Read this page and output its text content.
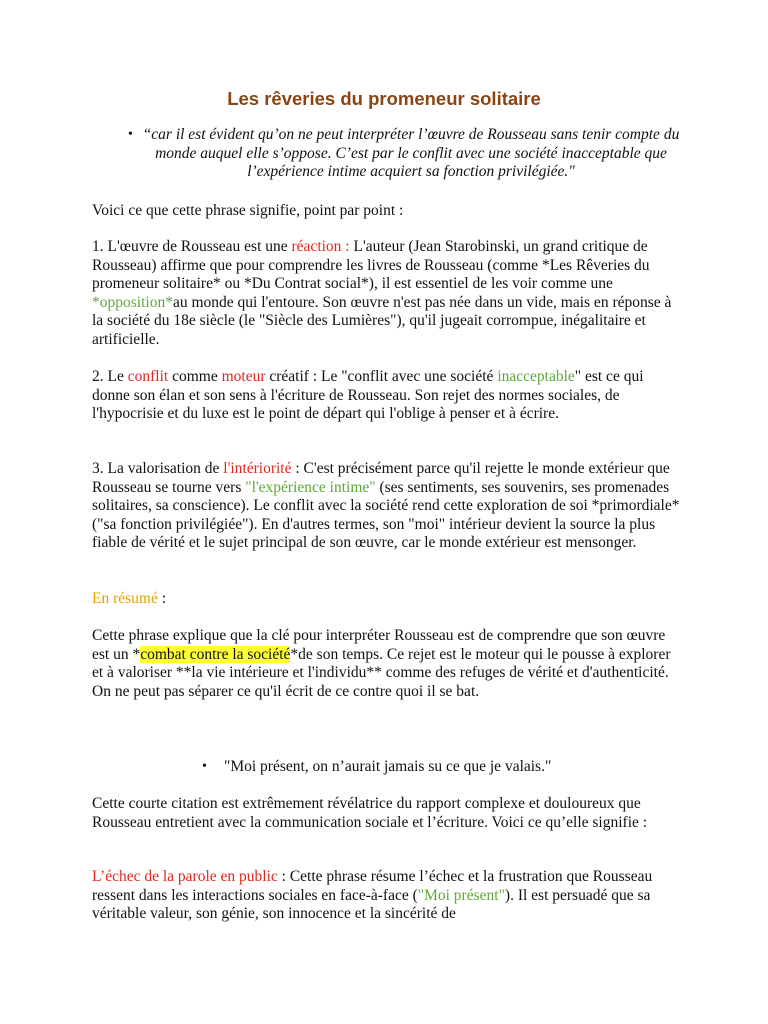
Les rêveries du promeneur solitaire
• “car il est évident qu’on ne peut interpréter l’œuvre de Rousseau sans tenir compte du monde auquel elle s’oppose. C’est par le conflit avec une société inacceptable que l’expérience intime acquiert sa fonction privilégiée."

Voici ce que cette phrase signifie, point par point :

1. L'œuvre de Rousseau est une réaction : L'auteur (Jean Starobinski, un grand critique de Rousseau) affirme que pour comprendre les livres de Rousseau (comme *Les Rêveries du promeneur solitaire* ou *Du Contrat social*), il est essentiel de les voir comme une *opposition*au monde qui l'entoure. Son œuvre n'est pas née dans un vide, mais en réponse à la société du 18e siècle (le "Siècle des Lumières"), qu'il jugeait corrompue, inégalitaire et artificielle.

2. Le conflit comme moteur créatif : Le "conflit avec une société inacceptable" est ce qui donne son élan et son sens à l'écriture de Rousseau. Son rejet des normes sociales, de l'hypocrisie et du luxe est le point de départ qui l'oblige à penser et à écrire.

3. La valorisation de l'intériorité : C'est précisément parce qu'il rejette le monde extérieur que Rousseau se tourne vers "l'expérience intime" (ses sentiments, ses souvenirs, ses promenades solitaires, sa conscience). Le conflit avec la société rend cette exploration de soi *primordiale*("sa fonction privilégiée"). En d'autres termes, son "moi" intérieur devient la source la plus fiable de vérité et le sujet principal de son œuvre, car le monde extérieur est mensonger.

En résumé :

Cette phrase explique que la clé pour interpréter Rousseau est de comprendre que son œuvre est un *combat contre la société*de son temps. Ce rejet est le moteur qui le pousse à explorer et à valoriser **la vie intérieure et l'individu** comme des refuges de vérité et d'authenticité. On ne peut pas séparer ce qu'il écrit de ce contre quoi il se bat.

• "Moi présent, on n’aurait jamais su ce que je valais."

Cette courte citation est extrêmement révélatrice du rapport complexe et douloureux que Rousseau entretient avec la communication sociale et l’écriture. Voici ce qu’elle signifie :

L’échec de la parole en public : Cette phrase résume l’échec et la frustration que Rousseau ressent dans les interactions sociales en face-à-face ("Moi présent"). Il est persuadé que sa véritable valeur, son génie, son innocence et la sincérité de
